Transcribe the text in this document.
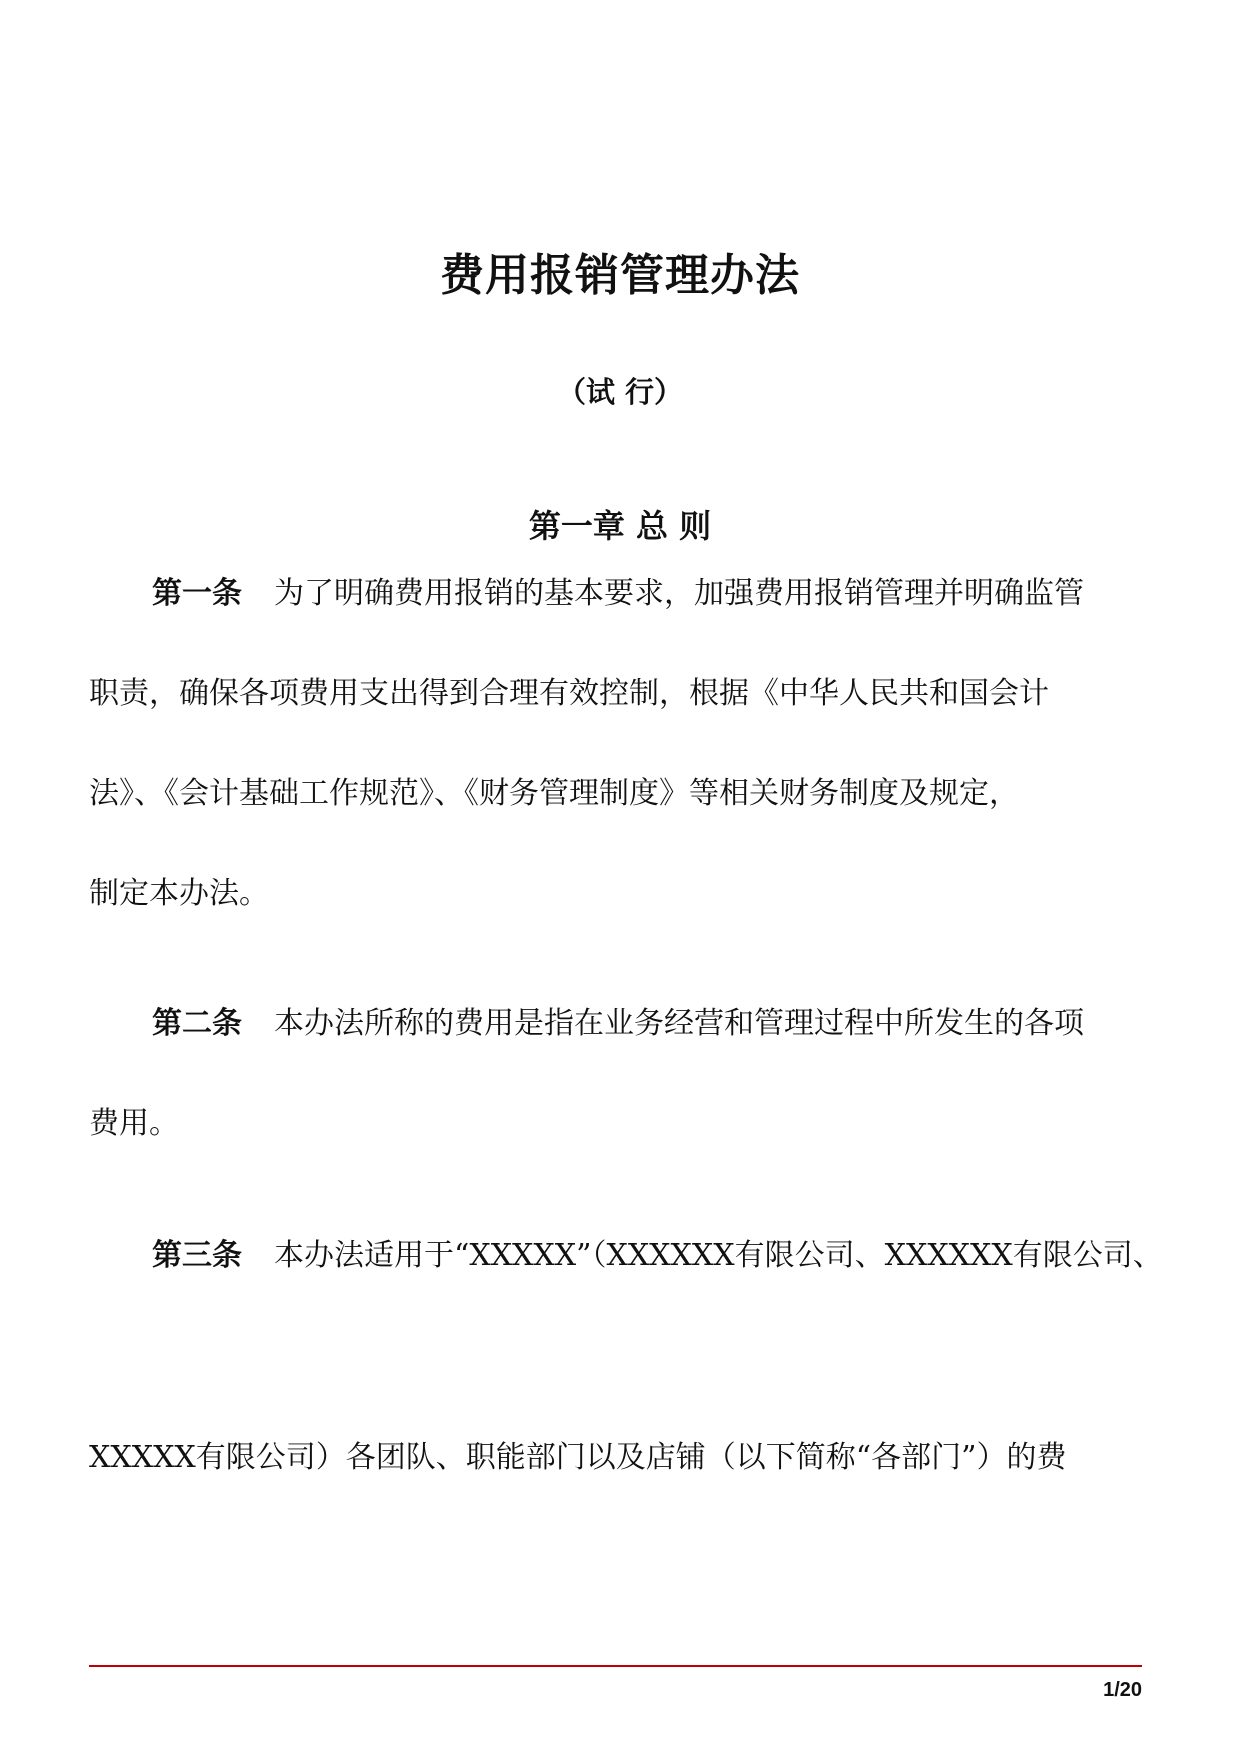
费用报销管理办法
（试 行）
第一章 总 则
第一条 为了明确费用报销的基本要求，加强费用报销管理并明确监管
职责，确保各项费用支出得到合理有效控制，根据《中华人民共和国会计
法》、《会计基础工作规范》、《财务管理制度》等相关财务制度及规定，
制定本办法。
第二条 本办法所称的费用是指在业务经营和管理过程中所发生的各项
费用。
第三条 本办法适用于“XXXXX”（XXXXXX有限公司、XXXXXX有限公司、
XXXXX有限公司）各团队、职能部门以及店铺（以下简称“各部门”）的费
1/20
